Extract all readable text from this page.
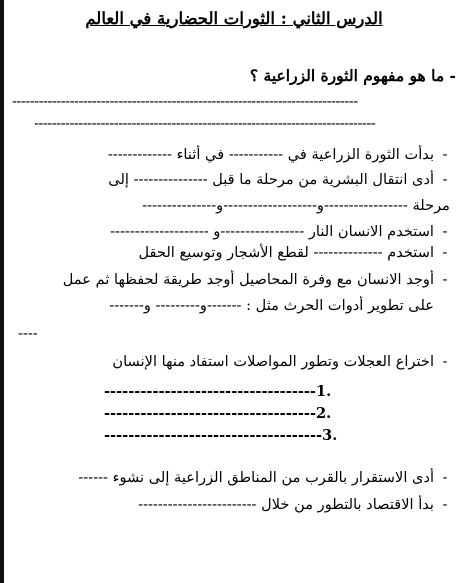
الدرس الثاني : الثورات الحضارية في العالم
- ما هو مفهوم الثورة الزراعية ؟
------------------------------------------------------------------------------
-----------------------------------------------------------------------------
-بدأت الثورة الزراعية في ----------- في أثناء -------------
-أدى انتقال البشرية من مرحلة ما قبل --------------- إلى
مرحلة -----------------و-------------------و---------------
-استخدم الانسان النار -----------------و --------------------
-استخدم -------------- لقطع الأشجار وتوسيع الحقل
-أوجد الانسان مع وفرة المحاصيل أوجد طريقة لحفظها ثم عمل
على تطوير أدوات الحرث مثل : -------و--------- و-------
----
-اختراع العجلات وتطور المواصلات استفاد منها الإنسان
-----------------------------------1.
-----------------------------------2.
------------------------------------3.
-أدى الاستقرار بالقرب من المناطق الزراعية إلى نشوء ------
-بدأ الاقتصاد بالتطور من خلال ------------------------
